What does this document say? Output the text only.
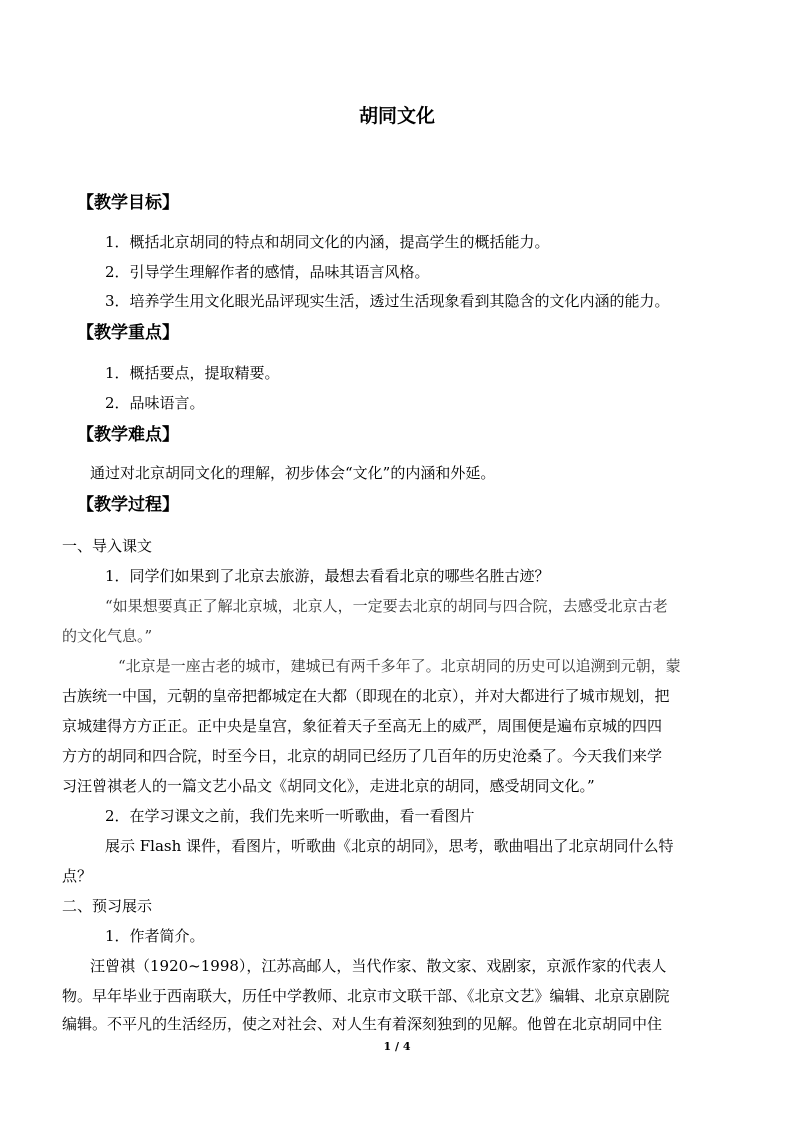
胡同文化
【教学目标】
1．概括北京胡同的特点和胡同文化的内涵，提高学生的概括能力。
2．引导学生理解作者的感情，品味其语言风格。
3．培养学生用文化眼光品评现实生活，透过生活现象看到其隐含的文化内涵的能力。
【教学重点】
1．概括要点，提取精要。
2．品味语言。
【教学难点】
通过对北京胡同文化的理解，初步体会“文化”的内涵和外延。
【教学过程】
一、导入课文
1．同学们如果到了北京去旅游，最想去看看北京的哪些名胜古迹？
“如果想要真正了解北京城，北京人，一定要去北京的胡同与四合院，去感受北京古老
的文化气息。”
“北京是一座古老的城市，建城已有两千多年了。北京胡同的历史可以追溯到元朝，蒙
古族统一中国，元朝的皇帝把都城定在大都（即现在的北京），并对大都进行了城市规划，把
京城建得方方正正。正中央是皇宫，象征着天子至高无上的威严，周围便是遍布京城的四四
方方的胡同和四合院，时至今日，北京的胡同已经历了几百年的历史沧桑了。今天我们来学
习汪曾祺老人的一篇文艺小品文《胡同文化》，走进北京的胡同，感受胡同文化。”
2．在学习课文之前，我们先来听一听歌曲，看一看图片
展示 Flash 课件，看图片，听歌曲《北京的胡同》，思考，歌曲唱出了北京胡同什么特
点？
二、预习展示
1．作者简介。
汪曾祺（1920~1998），江苏高邮人，当代作家、散文家、戏剧家，京派作家的代表人
物。早年毕业于西南联大，历任中学教师、北京市文联干部、《北京文艺》编辑、北京京剧院
编辑。不平凡的生活经历，使之对社会、对人生有着深刻独到的见解。他曾在北京胡同中住
1 / 4
